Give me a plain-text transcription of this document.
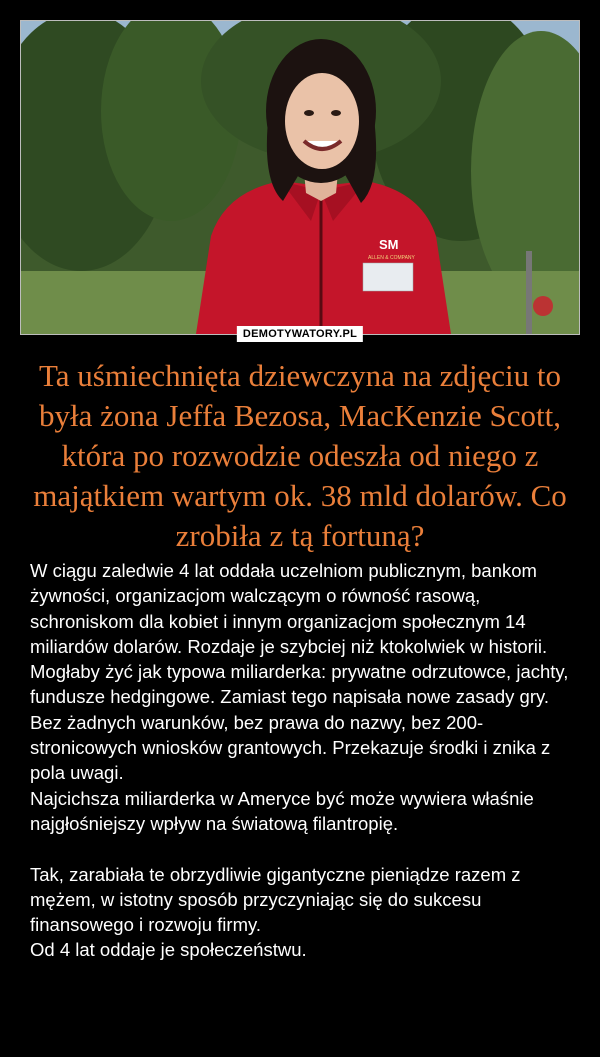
SM
ALLEN & COMPANY
DEMOTYWATORY.PL
Ta uśmiechnięta dziewczyna na zdjęciu to była żona Jeffa Bezosa, MacKenzie Scott, która po rozwodzie odeszła od niego z majątkiem wartym ok. 38 mld dolarów. Co zrobiła z tą fortuną?

W ciągu zaledwie 4 lat oddała uczelniom publicznym, bankom żywności, organizacjom walczącym o równość rasową, schroniskom dla kobiet i innym organizacjom społecznym 14 miliardów dolarów. Rozdaje je szybciej niż ktokolwiek w historii.

Mogłaby żyć jak typowa miliarderka: prywatne odrzutowce, jachty, fundusze hedgingowe. Zamiast tego napisała nowe zasady gry. Bez żadnych warunków, bez prawa do nazwy, bez 200-stronicowych wniosków grantowych. Przekazuje środki i znika z pola uwagi.

Najcichsza miliarderka w Ameryce być może wywiera właśnie najgłośniejszy wpływ na światową filantropię.

Tak, zarabiała te obrzydliwie gigantyczne pieniądze razem z mężem, w istotny sposób przyczyniając się do sukcesu finansowego i rozwoju firmy.

Od 4 lat oddaje je społeczeństwu.
